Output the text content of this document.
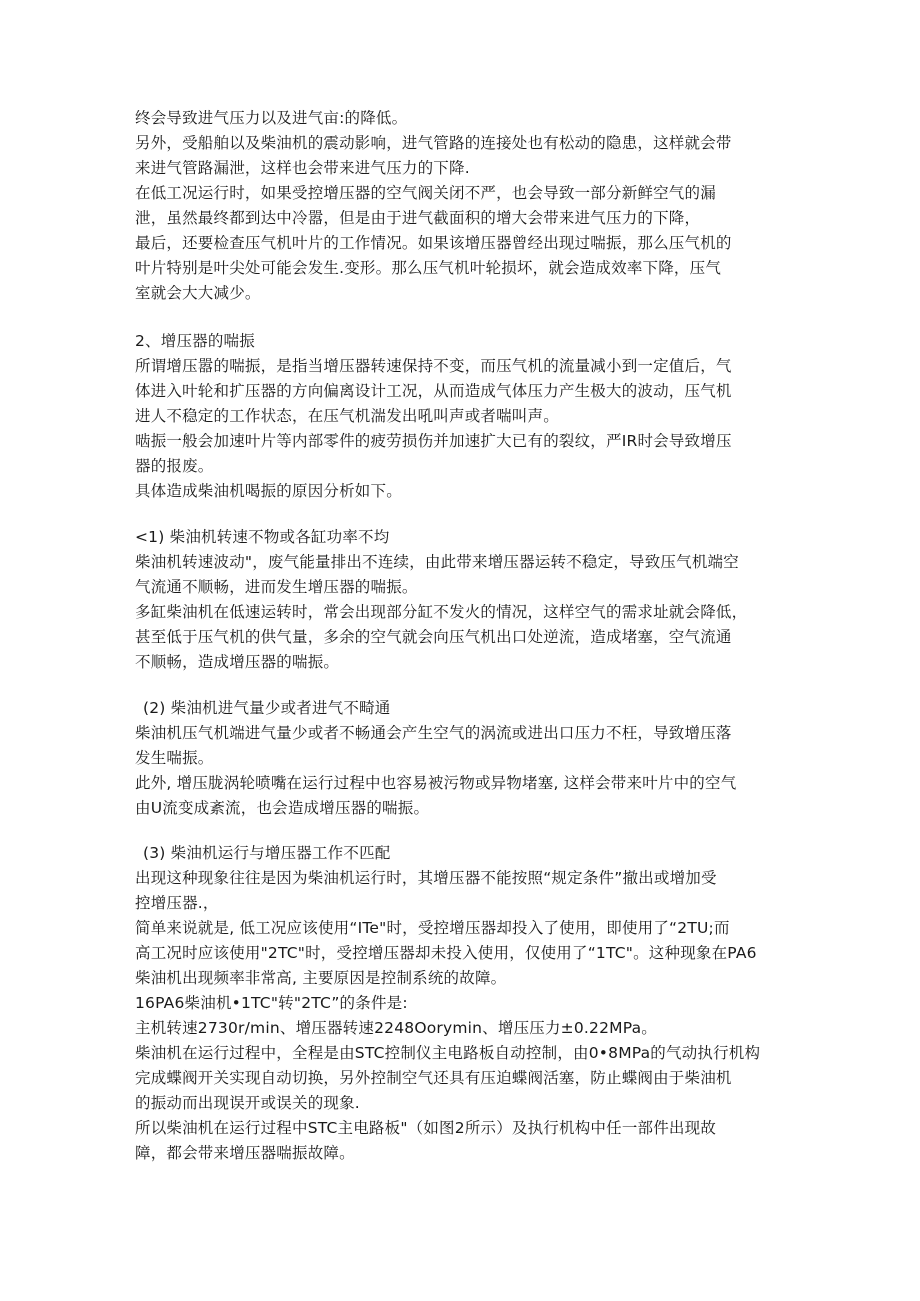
终会导致进气压力以及进气亩:的降低。
另外，受船舶以及柴油机的震动影响，进气管路的连接处也有松动的隐患，这样就会带
来进气管路漏泄，这样也会带来进气压力的下降.
在低工况运行时，如果受控增压器的空气阀关闭不严，也会导致一部分新鲜空气的漏
泄，虽然最终都到达中冷嚣，但是由于进气截面积的增大会带来进气压力的下降，
最后，还要检查压气机叶片的工作情况。如果该增压器曾经出现过喘振，那么压气机的
叶片特别是叶尖处可能会发生.变形。那么压气机叶轮损坏，就会造成效率下降，压气
室就会大大减少。
2、增压器的喘振
所谓增压嚣的喘振，是指当增压器转速保持不变，而压气机的流量减小到一定值后，气
体进入叶轮和扩压器的方向偏离设计工况，从而造成气体压力产生极大的波动，压气机
进人不稳定的工作状态，在压气机湍发出吼叫声或者喘叫声。
啮振一般会加速叶片等内部零件的疲劳损伤并加速扩大已有的裂纹，严IR时会导致增压
器的报废。
具体造成柴油机喝振的原因分析如下。
<1) 柴油机转速不物或各缸功率不均
柴油机转速波动"，废气能量排出不连续，由此带来增压器运转不稳定，导致压气机端空
气流通不顺畅，进而发生增压器的喘振。
多缸柴油机在低速运转时，常会出现部分缸不发火的情况，这样空气的需求址就会降低，
甚至低于压气机的供气量，多余的空气就会向压气机出口处逆流，造成堵塞，空气流通
不顺畅，造成增压器的喘振。
(2) 柴油机进气量少或者进气不畸通
柴油机压气机端进气量少或者不畅通会产生空气的涡流或进出口压力不枉，导致增压落
发生喘振。
此外, 增压胧涡轮喷嘴在运行过程中也容易被污物或异物堵塞, 这样会带来叶片中的空气
由U流变成紊流，也会造成增压器的喘振。
(3) 柴油机运行与增压器工作不匹配
出现这种现象往往是因为柴油机运行时，其增压器不能按照“规定条件”撤出或增加受
控增压器.，
简单来说就是, 低工况应该使用“ITe"时，受控增压器却投入了使用，即使用了“2TU;而
高工况时应该使用"2TC"时，受控增压器却未投入使用，仅使用了“1TC"。这种现象在PA6
柴油机出现频率非常高, 主要原因是控制系统的故障。
16PA6柴油机•1TC"转"2TC”的条件是:
主机转速2730r/min、增压器转速2248Oorymin、增压压力±0.22MPa。
柴油机在运行过程中，全程是由STC控制仪主电路板自动控制，由0•8MPa的气动执行机构
完成蝶阀开关实现自动切换，另外控制空气还具有压迫蝶阀活塞，防止蝶阀由于柴油机
的振动而出现误开或误关的现象.
所以柴油机在运行过程中STC主电路板"（如图2所示）及执行机构中任一部件出现故
障，都会带来增压器喘振故障。
